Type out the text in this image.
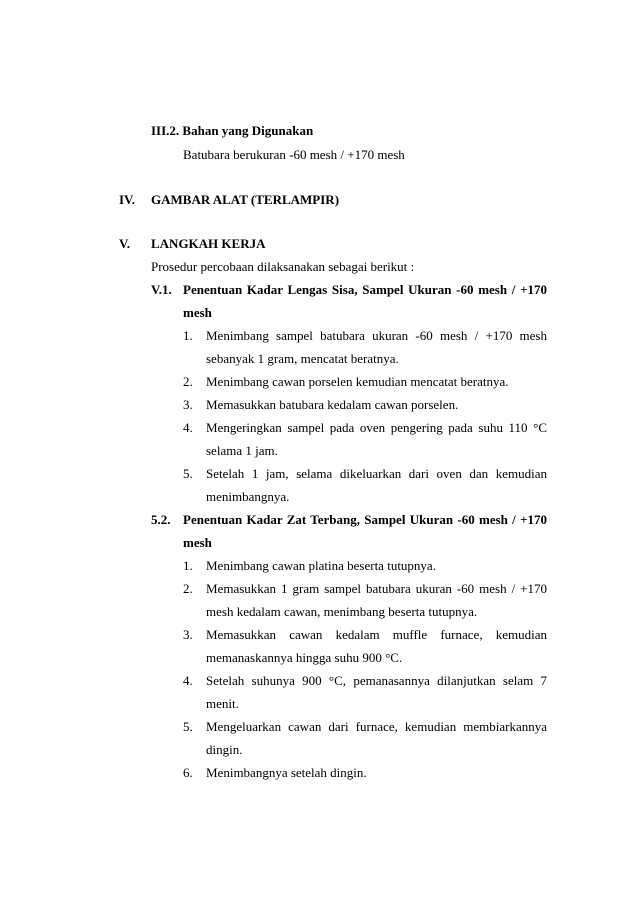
III.2. Bahan yang Digunakan
Batubara berukuran -60 mesh / +170 mesh
IV. GAMBAR ALAT (TERLAMPIR)
V. LANGKAH KERJA
Prosedur percobaan dilaksanakan sebagai berikut :
V.1. Penentuan Kadar Lengas Sisa, Sampel Ukuran -60 mesh / +170
mesh
1. Menimbang sampel batubara ukuran -60 mesh / +170 mesh
sebanyak 1 gram, mencatat beratnya.
2. Menimbang cawan porselen kemudian mencatat beratnya.
3. Memasukkan batubara kedalam cawan porselen.
4. Mengeringkan sampel pada oven pengering pada suhu 110 °C
selama 1 jam.
5. Setelah 1 jam, selama dikeluarkan dari oven dan kemudian
menimbangnya.
5.2. Penentuan Kadar Zat Terbang, Sampel Ukuran -60 mesh / +170
mesh
1. Menimbang cawan platina beserta tutupnya.
2. Memasukkan 1 gram sampel batubara ukuran -60 mesh / +170
mesh kedalam cawan, menimbang beserta tutupnya.
3. Memasukkan cawan kedalam muffle furnace, kemudian
memanaskannya hingga suhu 900 °C.
4. Setelah suhunya 900 °C, pemanasannya dilanjutkan selam 7
menit.
5. Mengeluarkan cawan dari furnace, kemudian membiarkannya
dingin.
6. Menimbangnya setelah dingin.
